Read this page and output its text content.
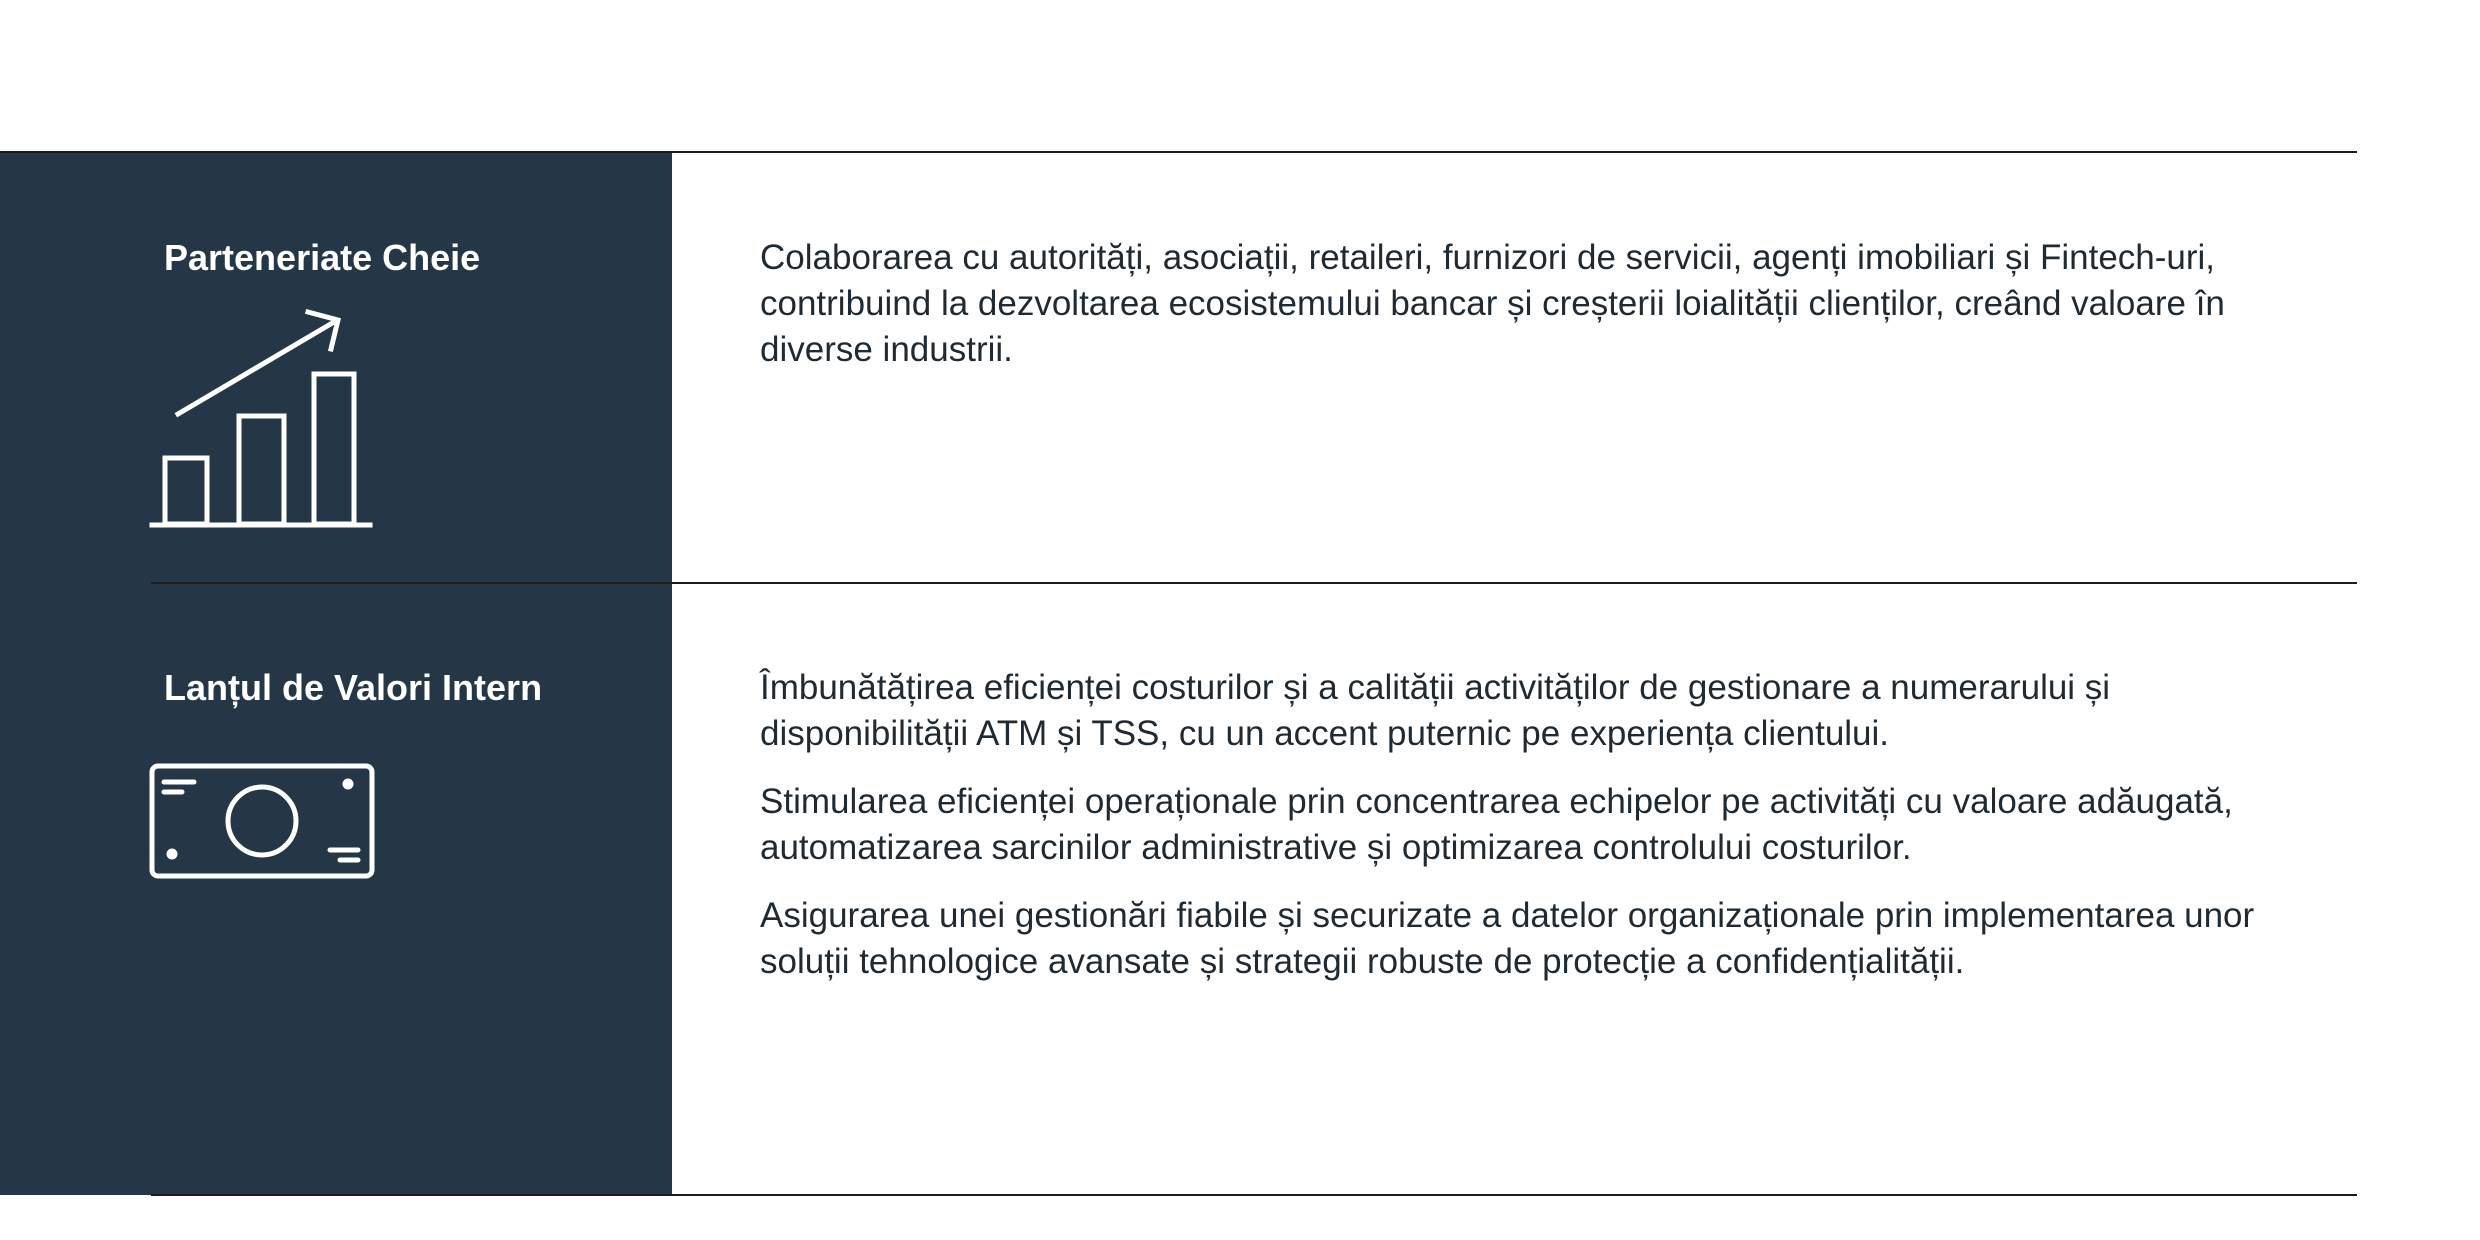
Parteneriate Cheie	Colaborarea cu autorități, asociații, retaileri, furnizori de servicii, agenți imobiliari și Fintech-uri, contribuind la dezvoltarea ecosistemului bancar și creșterii loialității clienților, creând valoare în diverse industrii.

Lanțul de Valori Intern	Îmbunătățirea eficienței costurilor și a calității activităților de gestionare a numerarului și disponibilității ATM și TSS, cu un accent puternic pe experiența clientului.

Stimularea eficienței operaționale prin concentrarea echipelor pe activități cu valoare adăugată, automatizarea sarcinilor administrative și optimizarea controlului costurilor.

Asigurarea unei gestionări fiabile și securizate a datelor organizaționale prin implementarea unor soluții tehnologice avansate și strategii robuste de protecție a confidențialității.
